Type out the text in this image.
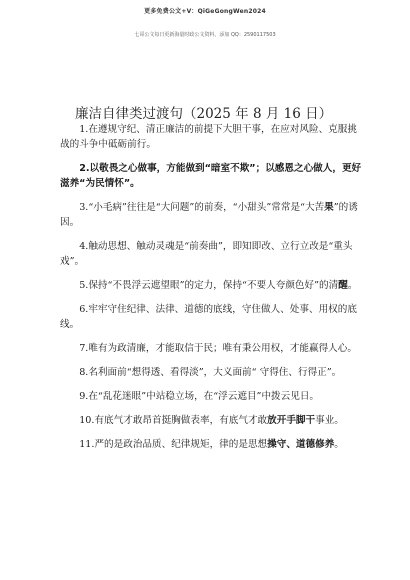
更多免费公文+V：QiGeGongWen2024
七哥公文每日更新海量时政公文资料，添加 QQ：2590117503
廉洁自律类过渡句（2025 年 8 月 16 日）

1.在遵规守纪、清正廉洁的前提下大胆干事，在应对风险、克服挑战的斗争中砥砺前行。

2.以敬畏之心做事，方能做到“暗室不欺”；以感恩之心做人，更好滋养“为民情怀”。

3.“小毛病”往往是“大问题”的前奏，“小甜头”常常是“大苦果”的诱因。

4.触动思想、触动灵魂是“前奏曲”，即知即改、立行立改是“重头戏”。

5.保持“不畏浮云遮望眼”的定力，保持“不要人夸颜色好”的清醒。

6.牢牢守住纪律、法律、道德的底线，守住做人、处事、用权的底线。

7.唯有为政清廉，才能取信于民；唯有秉公用权，才能赢得人心。

8.名利面前“想得透、看得淡”，大义面前“ 守得住、行得正”。

9.在“乱花迷眼”中站稳立场，在“浮云遮目”中拨云见日。

10.有底气才敢昂首挺胸做表率，有底气才敢放开手脚干事业。

11.严的是政治品质、纪律规矩，律的是思想操守、道德修养。
